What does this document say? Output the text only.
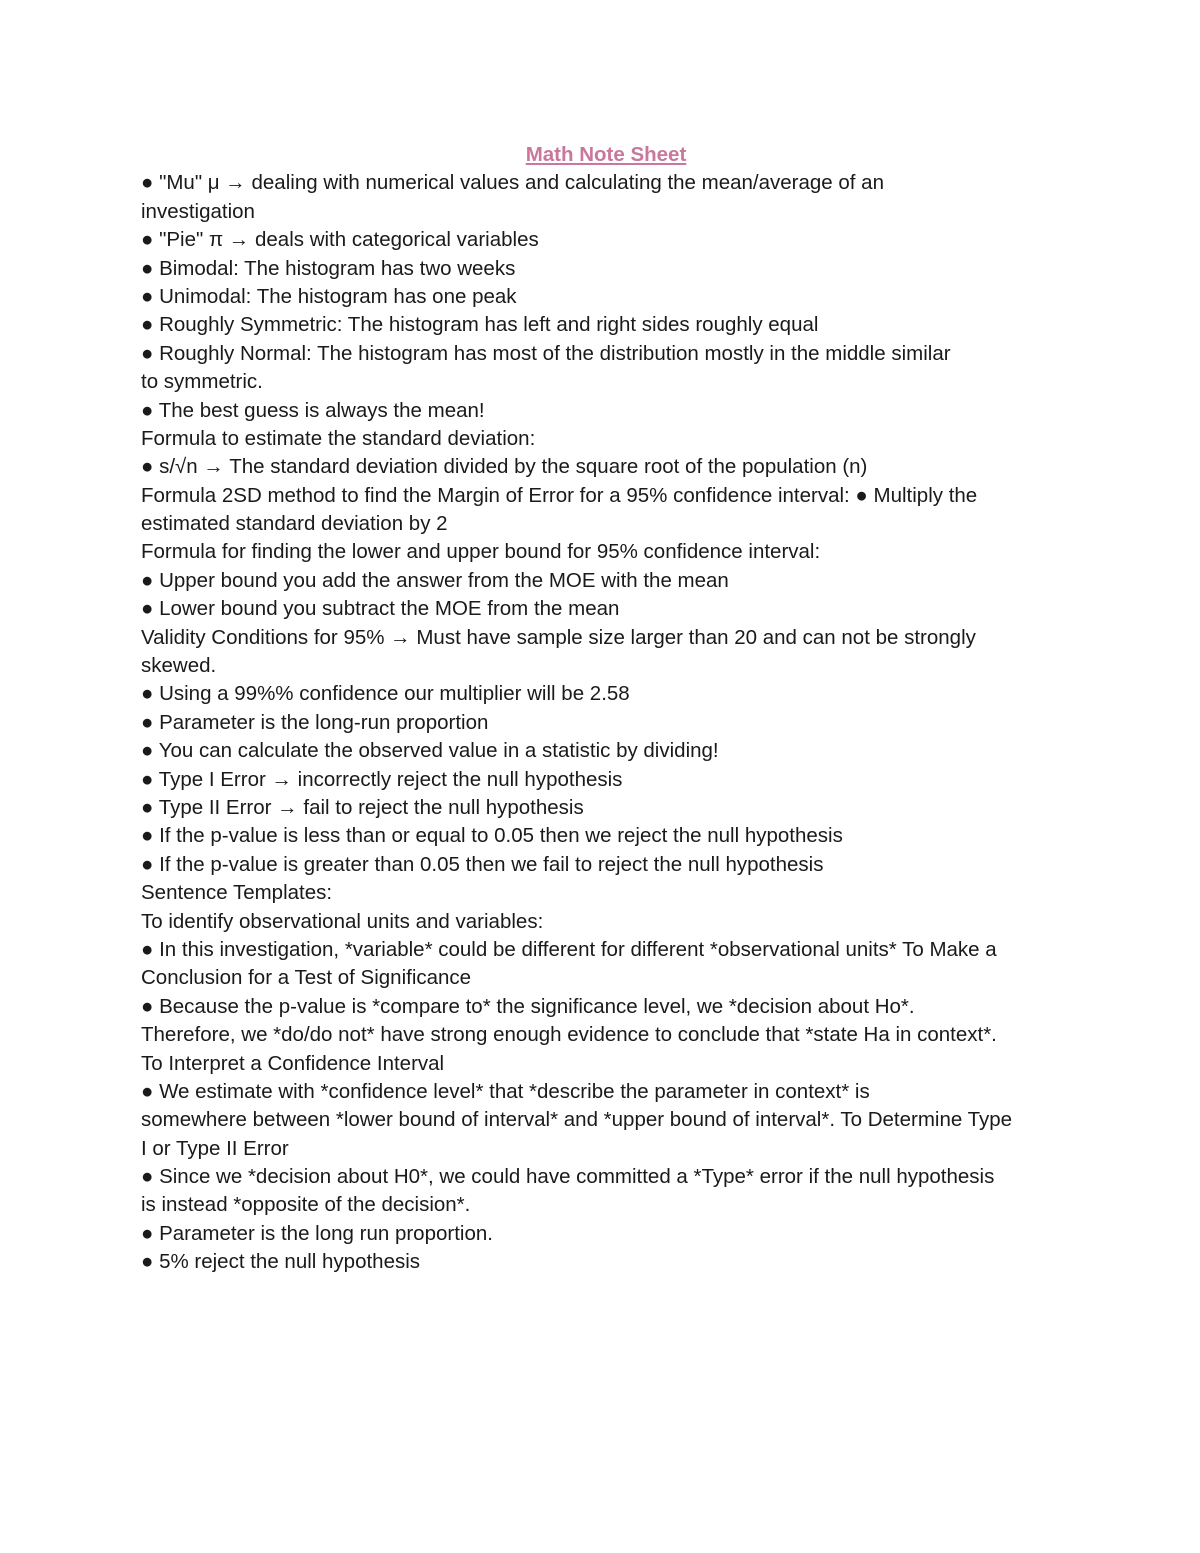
Math Note Sheet
● "Mu" μ → dealing with numerical values and calculating the mean/average of an
investigation
● "Pie" π → deals with categorical variables
● Bimodal: The histogram has two weeks
● Unimodal: The histogram has one peak
● Roughly Symmetric: The histogram has left and right sides roughly equal
● Roughly Normal: The histogram has most of the distribution mostly in the middle similar
to symmetric.
● The best guess is always the mean!
Formula to estimate the standard deviation:
● s/√n → The standard deviation divided by the square root of the population (n)
Formula 2SD method to find the Margin of Error for a 95% confidence interval: ● Multiply the
estimated standard deviation by 2
Formula for finding the lower and upper bound for 95% confidence interval:
● Upper bound you add the answer from the MOE with the mean
● Lower bound you subtract the MOE from the mean
Validity Conditions for 95% → Must have sample size larger than 20 and can not be strongly
skewed.
● Using a 99%% confidence our multiplier will be 2.58
● Parameter is the long-run proportion
● You can calculate the observed value in a statistic by dividing!
● Type I Error → incorrectly reject the null hypothesis
● Type II Error → fail to reject the null hypothesis
● If the p-value is less than or equal to 0.05 then we reject the null hypothesis
● If the p-value is greater than 0.05 then we fail to reject the null hypothesis
Sentence Templates:
To identify observational units and variables:
● In this investigation, *variable* could be different for different *observational units* To Make a
Conclusion for a Test of Significance
● Because the p-value is *compare to* the significance level, we *decision about Ho*.
Therefore, we *do/do not* have strong enough evidence to conclude that *state Ha in context*.
To Interpret a Confidence Interval
● We estimate with *confidence level* that *describe the parameter in context* is
somewhere between *lower bound of interval* and *upper bound of interval*. To Determine Type
I or Type II Error
● Since we *decision about H0*, we could have committed a *Type* error if the null hypothesis
is instead *opposite of the decision*.
● Parameter is the long run proportion.
● 5% reject the null hypothesis
